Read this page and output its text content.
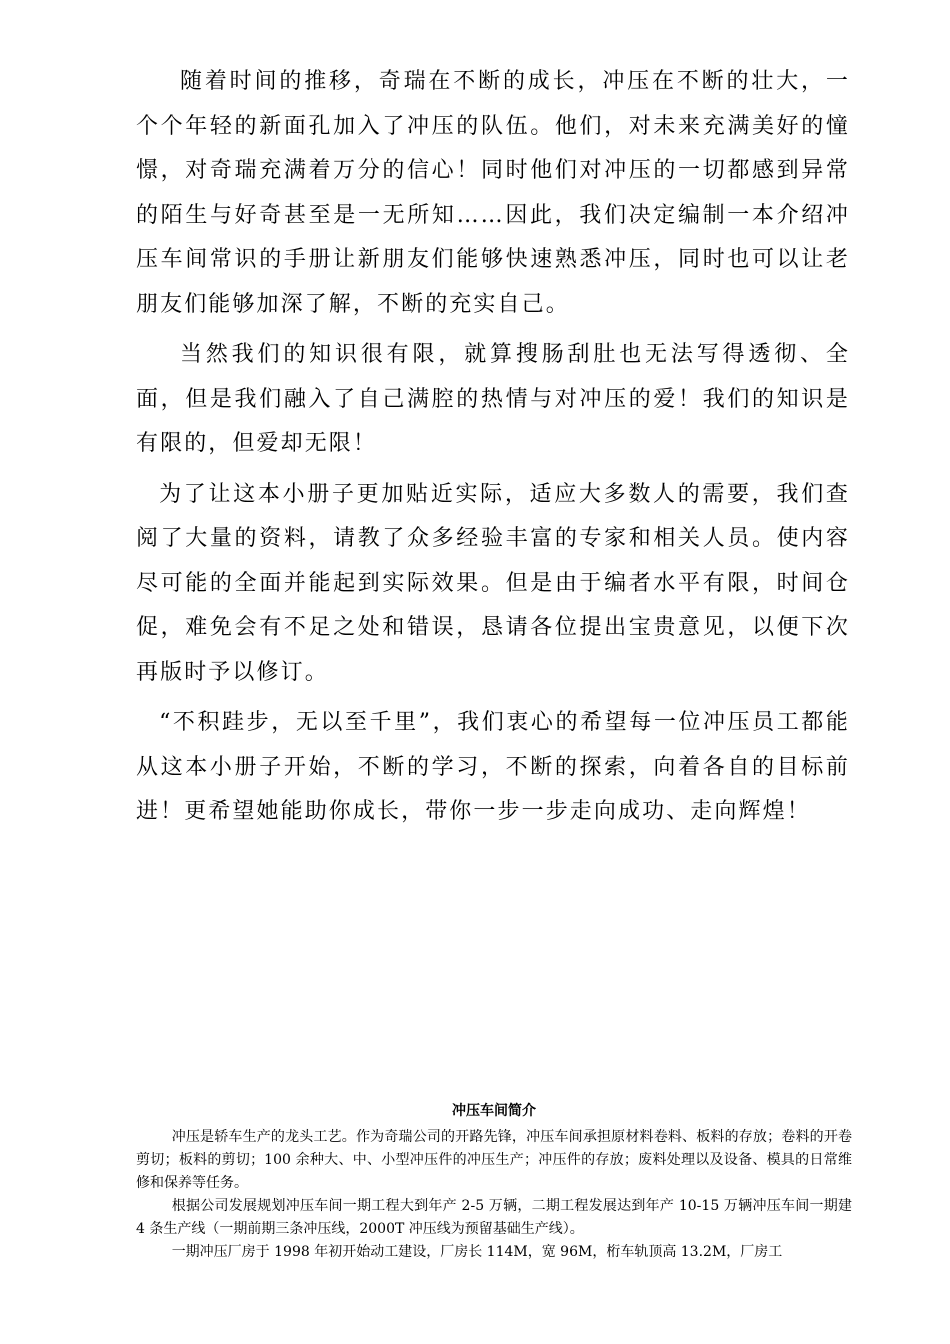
随着时间的推移，奇瑞在不断的成长，冲压在不断的壮大，一个个年轻的新面孔加入了冲压的队伍。他们，对未来充满美好的憧憬，对奇瑞充满着万分的信心！同时他们对冲压的一切都感到异常的陌生与好奇甚至是一无所知……因此，我们决定编制一本介绍冲压车间常识的手册让新朋友们能够快速熟悉冲压，同时也可以让老朋友们能够加深了解，不断的充实自己。

当然我们的知识很有限，就算搜肠刮肚也无法写得透彻、全面，但是我们融入了自己满腔的热情与对冲压的爱！我们的知识是有限的，但爱却无限！

为了让这本小册子更加贴近实际，适应大多数人的需要，我们查阅了大量的资料，请教了众多经验丰富的专家和相关人员。使内容尽可能的全面并能起到实际效果。但是由于编者水平有限，时间仓促，难免会有不足之处和错误，恳请各位提出宝贵意见，以便下次再版时予以修订。

“不积跬步，无以至千里”，我们衷心的希望每一位冲压员工都能从这本小册子开始，不断的学习，不断的探索，向着各自的目标前进！更希望她能助你成长，带你一步一步走向成功、走向辉煌！

冲压车间简介

冲压是轿车生产的龙头工艺。作为奇瑞公司的开路先锋，冲压车间承担原材料卷料、板料的存放；卷料的开卷剪切；板料的剪切；100 余种大、中、小型冲压件的冲压生产；冲压件的存放；废料处理以及设备、模具的日常维修和保养等任务。

根据公司发展规划冲压车间一期工程大到年产 2-5 万辆，二期工程发展达到年产 10-15 万辆冲压车间一期建 4 条生产线（一期前期三条冲压线，2000T 冲压线为预留基础生产线）。

一期冲压厂房于 1998 年初开始动工建设，厂房长 114M，宽 96M，桁车轨顶高 13.2M，厂房工
